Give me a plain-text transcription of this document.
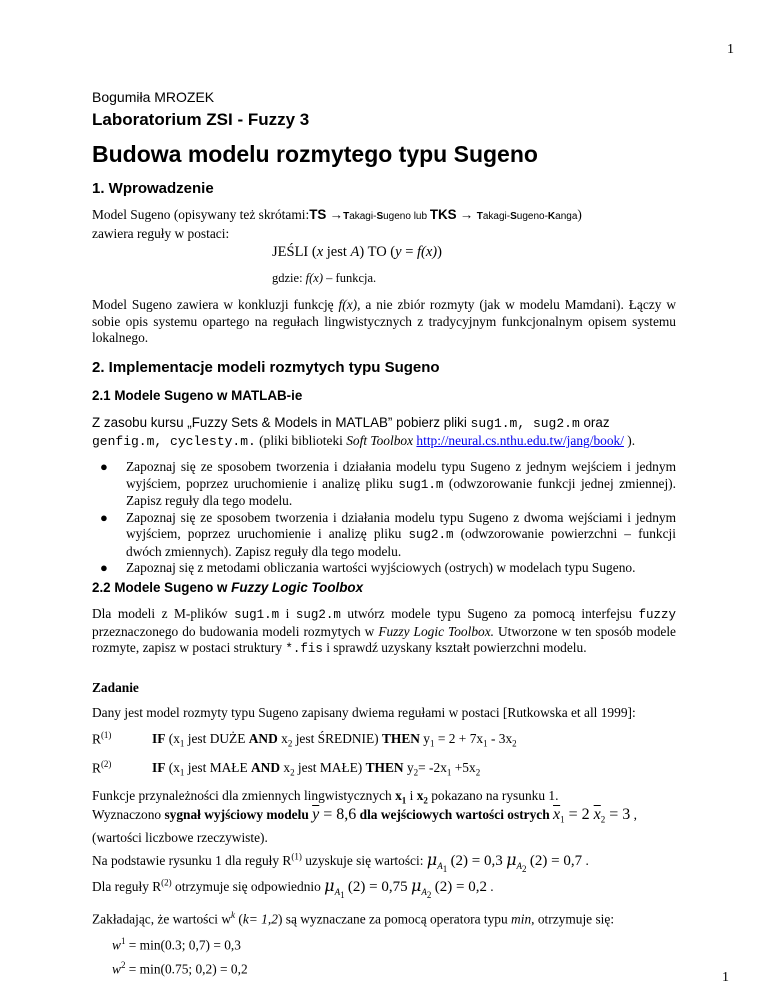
1
Bogumiła MROZEK
Laboratorium ZSI - Fuzzy 3
Budowa modelu rozmytego typu Sugeno
1. Wprowadzenie
Model Sugeno (opisywany też skrótami:TS →Takagi-Sugeno lub TKS → Takagi-Sugeno-Kanga)
zawiera reguły w postaci:
JEŚLI (x jest A) TO (y = f(x))
gdzie: f(x) – funkcja.
Model Sugeno zawiera w konkluzji funkcję f(x), a nie zbiór rozmyty (jak w modelu Mamdani). Łączy w sobie opis systemu opartego na regułach lingwistycznych z tradycyjnym funkcjonalnym opisem systemu lokalnego.
2. Implementacje modeli rozmytych typu Sugeno
2.1 Modele Sugeno w MATLAB-ie
Z zasobu kursu „Fuzzy Sets & Models in MATLAB” pobierz pliki sug1.m, sug2.m oraz
genfig.m, cyclesty.m. (pliki biblioteki Soft Toolbox http://neural.cs.nthu.edu.tw/jang/book/ ).
● Zapoznaj się ze sposobem tworzenia i działania modelu typu Sugeno z jednym wejściem i jednym wyjściem, poprzez uruchomienie i analizę pliku sug1.m (odwzorowanie funkcji jednej zmiennej). Zapisz reguły dla tego modelu.
● Zapoznaj się ze sposobem tworzenia i działania modelu typu Sugeno z dwoma wejściami i jednym wyjściem, poprzez uruchomienie i analizę pliku sug2.m (odwzorowanie powierzchni – funkcji dwóch zmiennych). Zapisz reguły dla tego modelu.
● Zapoznaj się z metodami obliczania wartości wyjściowych (ostrych) w modelach typu Sugeno.
2.2 Modele Sugeno w Fuzzy Logic Toolbox
Dla modeli z M-plików sug1.m i sug2.m utwórz modele typu Sugeno za pomocą interfejsu fuzzy przeznaczonego do budowania modeli rozmytych w Fuzzy Logic Toolbox. Utworzone w ten sposób modele rozmyte, zapisz w postaci struktury *.fis i sprawdź uzyskany kształt powierzchni modelu.
Zadanie
Dany jest model rozmyty typu Sugeno zapisany dwiema regułami w postaci [Rutkowska et all 1999]:
$R^{(1)}$	IF ($x_1$ jest DUŻE AND $x_2$ jest ŚREDNIE) THEN $y_1 = 2 + 7x_1 - 3x_2$
$R^{(2)}$	IF ($x_1$ jest MAŁE AND $x_2$ jest MAŁE) THEN $y_2= -2x_1 +5x_2$
Funkcje przynależności dla zmiennych lingwistycznych $x_1$ i $x_2$ pokazano na rysunku 1.
Wyznaczono sygnał wyjściowy modelu $\overline{y} = 8,6$ dla wejściowych wartości ostrych $\overline{x}_1 = 2$ $\overline{x}_2 = 3$ ,
(wartości liczbowe rzeczywiste).
Na podstawie rysunku 1 dla reguły $R^{(1)}$ uzyskuje się wartości: $\mu_{A_1}$ (2) = 0,3 $\mu_{A_2}$ (2) = 0,7 .
Dla reguły $R^{(2)}$ otrzymuje się odpowiednio $\mu_{A_1}$ (2) = 0,75 $\mu_{A_2}$ (2) = 0,2 .
Zakładając, że wartości $w^k$ (k= 1,2) są wyznaczane za pomocą operatora typu min, otrzymuje się:
$w^1 = \min(0.3$; 0,7) = 0,3
$w^2 = \min(0.75$; 0,2) = 0,2
1
